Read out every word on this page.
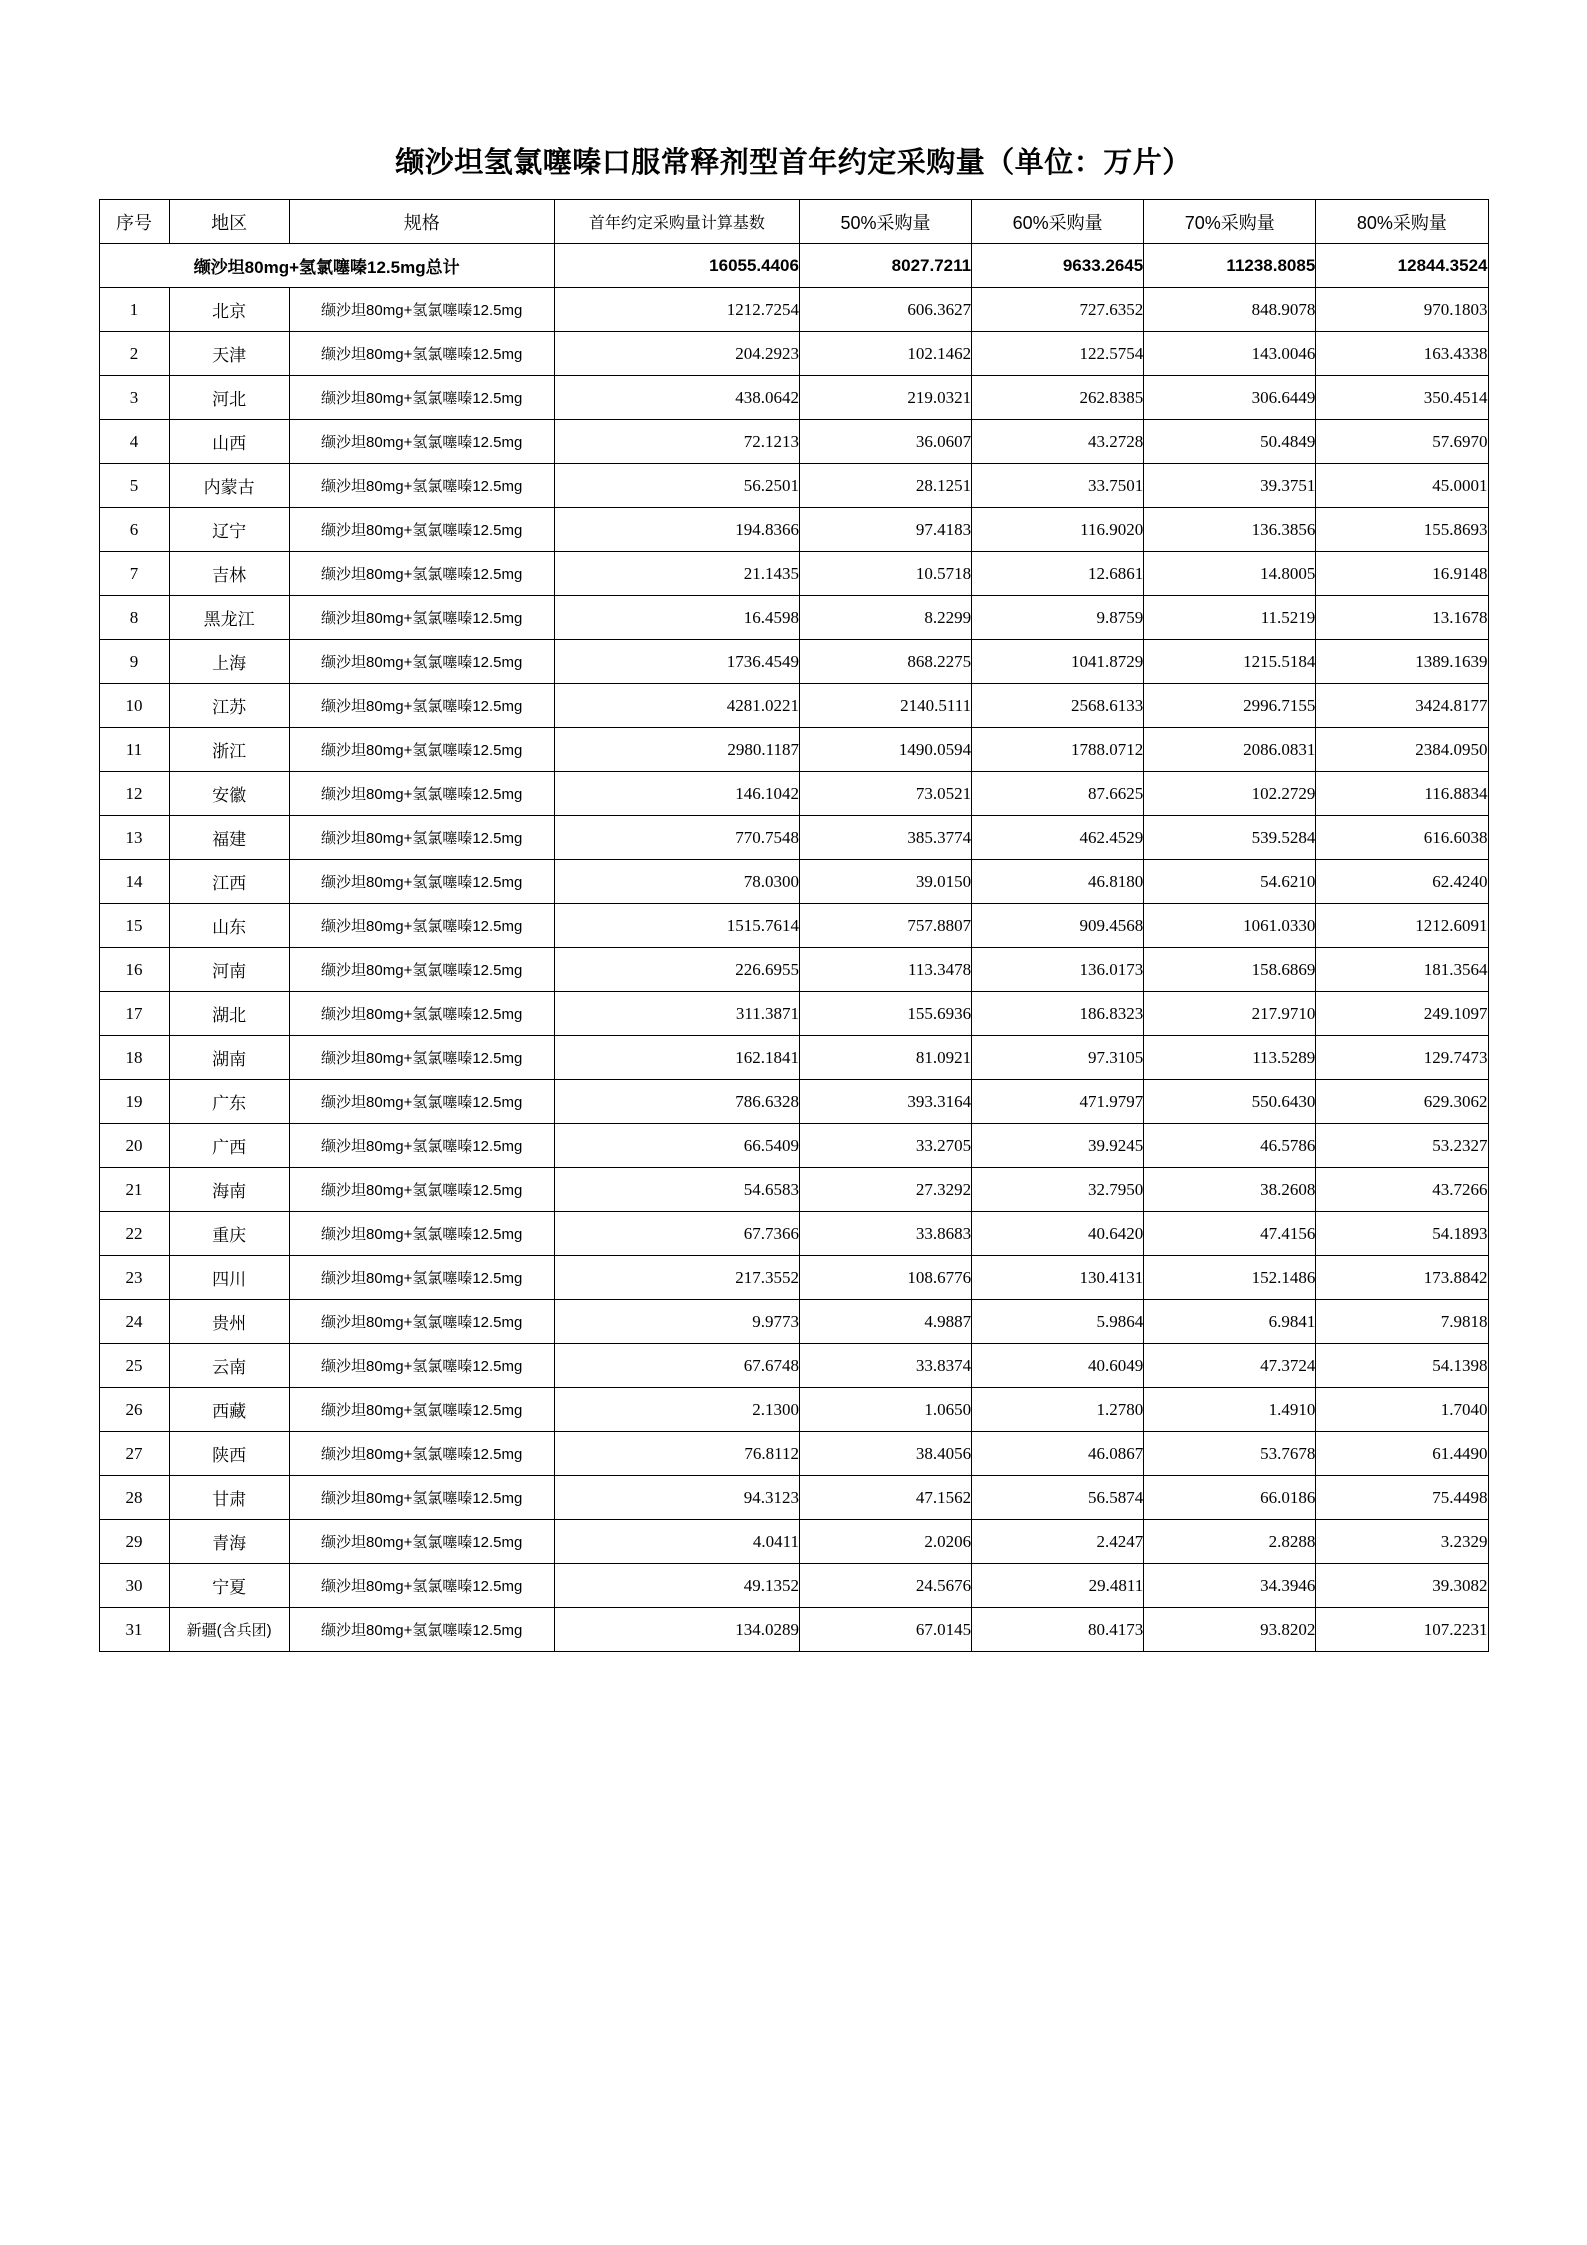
缬沙坦氢氯噻嗪口服常释剂型首年约定采购量（单位：万片）
序号	地区	规格	首年约定采购量计算基数	50%采购量	60%采购量	70%采购量	80%采购量
缬沙坦80mg+氢氯噻嗪12.5mg总计			16055.4406	8027.7211	9633.2645	11238.8085	12844.3524
1	北京	缬沙坦80mg+氢氯噻嗪12.5mg	1212.7254	606.3627	727.6352	848.9078	970.1803
2	天津	缬沙坦80mg+氢氯噻嗪12.5mg	204.2923	102.1462	122.5754	143.0046	163.4338
3	河北	缬沙坦80mg+氢氯噻嗪12.5mg	438.0642	219.0321	262.8385	306.6449	350.4514
4	山西	缬沙坦80mg+氢氯噻嗪12.5mg	72.1213	36.0607	43.2728	50.4849	57.6970
5	内蒙古	缬沙坦80mg+氢氯噻嗪12.5mg	56.2501	28.1251	33.7501	39.3751	45.0001
6	辽宁	缬沙坦80mg+氢氯噻嗪12.5mg	194.8366	97.4183	116.9020	136.3856	155.8693
7	吉林	缬沙坦80mg+氢氯噻嗪12.5mg	21.1435	10.5718	12.6861	14.8005	16.9148
8	黑龙江	缬沙坦80mg+氢氯噻嗪12.5mg	16.4598	8.2299	9.8759	11.5219	13.1678
9	上海	缬沙坦80mg+氢氯噻嗪12.5mg	1736.4549	868.2275	1041.8729	1215.5184	1389.1639
10	江苏	缬沙坦80mg+氢氯噻嗪12.5mg	4281.0221	2140.5111	2568.6133	2996.7155	3424.8177
11	浙江	缬沙坦80mg+氢氯噻嗪12.5mg	2980.1187	1490.0594	1788.0712	2086.0831	2384.0950
12	安徽	缬沙坦80mg+氢氯噻嗪12.5mg	146.1042	73.0521	87.6625	102.2729	116.8834
13	福建	缬沙坦80mg+氢氯噻嗪12.5mg	770.7548	385.3774	462.4529	539.5284	616.6038
14	江西	缬沙坦80mg+氢氯噻嗪12.5mg	78.0300	39.0150	46.8180	54.6210	62.4240
15	山东	缬沙坦80mg+氢氯噻嗪12.5mg	1515.7614	757.8807	909.4568	1061.0330	1212.6091
16	河南	缬沙坦80mg+氢氯噻嗪12.5mg	226.6955	113.3478	136.0173	158.6869	181.3564
17	湖北	缬沙坦80mg+氢氯噻嗪12.5mg	311.3871	155.6936	186.8323	217.9710	249.1097
18	湖南	缬沙坦80mg+氢氯噻嗪12.5mg	162.1841	81.0921	97.3105	113.5289	129.7473
19	广东	缬沙坦80mg+氢氯噻嗪12.5mg	786.6328	393.3164	471.9797	550.6430	629.3062
20	广西	缬沙坦80mg+氢氯噻嗪12.5mg	66.5409	33.2705	39.9245	46.5786	53.2327
21	海南	缬沙坦80mg+氢氯噻嗪12.5mg	54.6583	27.3292	32.7950	38.2608	43.7266
22	重庆	缬沙坦80mg+氢氯噻嗪12.5mg	67.7366	33.8683	40.6420	47.4156	54.1893
23	四川	缬沙坦80mg+氢氯噻嗪12.5mg	217.3552	108.6776	130.4131	152.1486	173.8842
24	贵州	缬沙坦80mg+氢氯噻嗪12.5mg	9.9773	4.9887	5.9864	6.9841	7.9818
25	云南	缬沙坦80mg+氢氯噻嗪12.5mg	67.6748	33.8374	40.6049	47.3724	54.1398
26	西藏	缬沙坦80mg+氢氯噻嗪12.5mg	2.1300	1.0650	1.2780	1.4910	1.7040
27	陕西	缬沙坦80mg+氢氯噻嗪12.5mg	76.8112	38.4056	46.0867	53.7678	61.4490
28	甘肃	缬沙坦80mg+氢氯噻嗪12.5mg	94.3123	47.1562	56.5874	66.0186	75.4498
29	青海	缬沙坦80mg+氢氯噻嗪12.5mg	4.0411	2.0206	2.4247	2.8288	3.2329
30	宁夏	缬沙坦80mg+氢氯噻嗪12.5mg	49.1352	24.5676	29.4811	34.3946	39.3082
31	新疆(含兵团)	缬沙坦80mg+氢氯噻嗪12.5mg	134.0289	67.0145	80.4173	93.8202	107.2231
